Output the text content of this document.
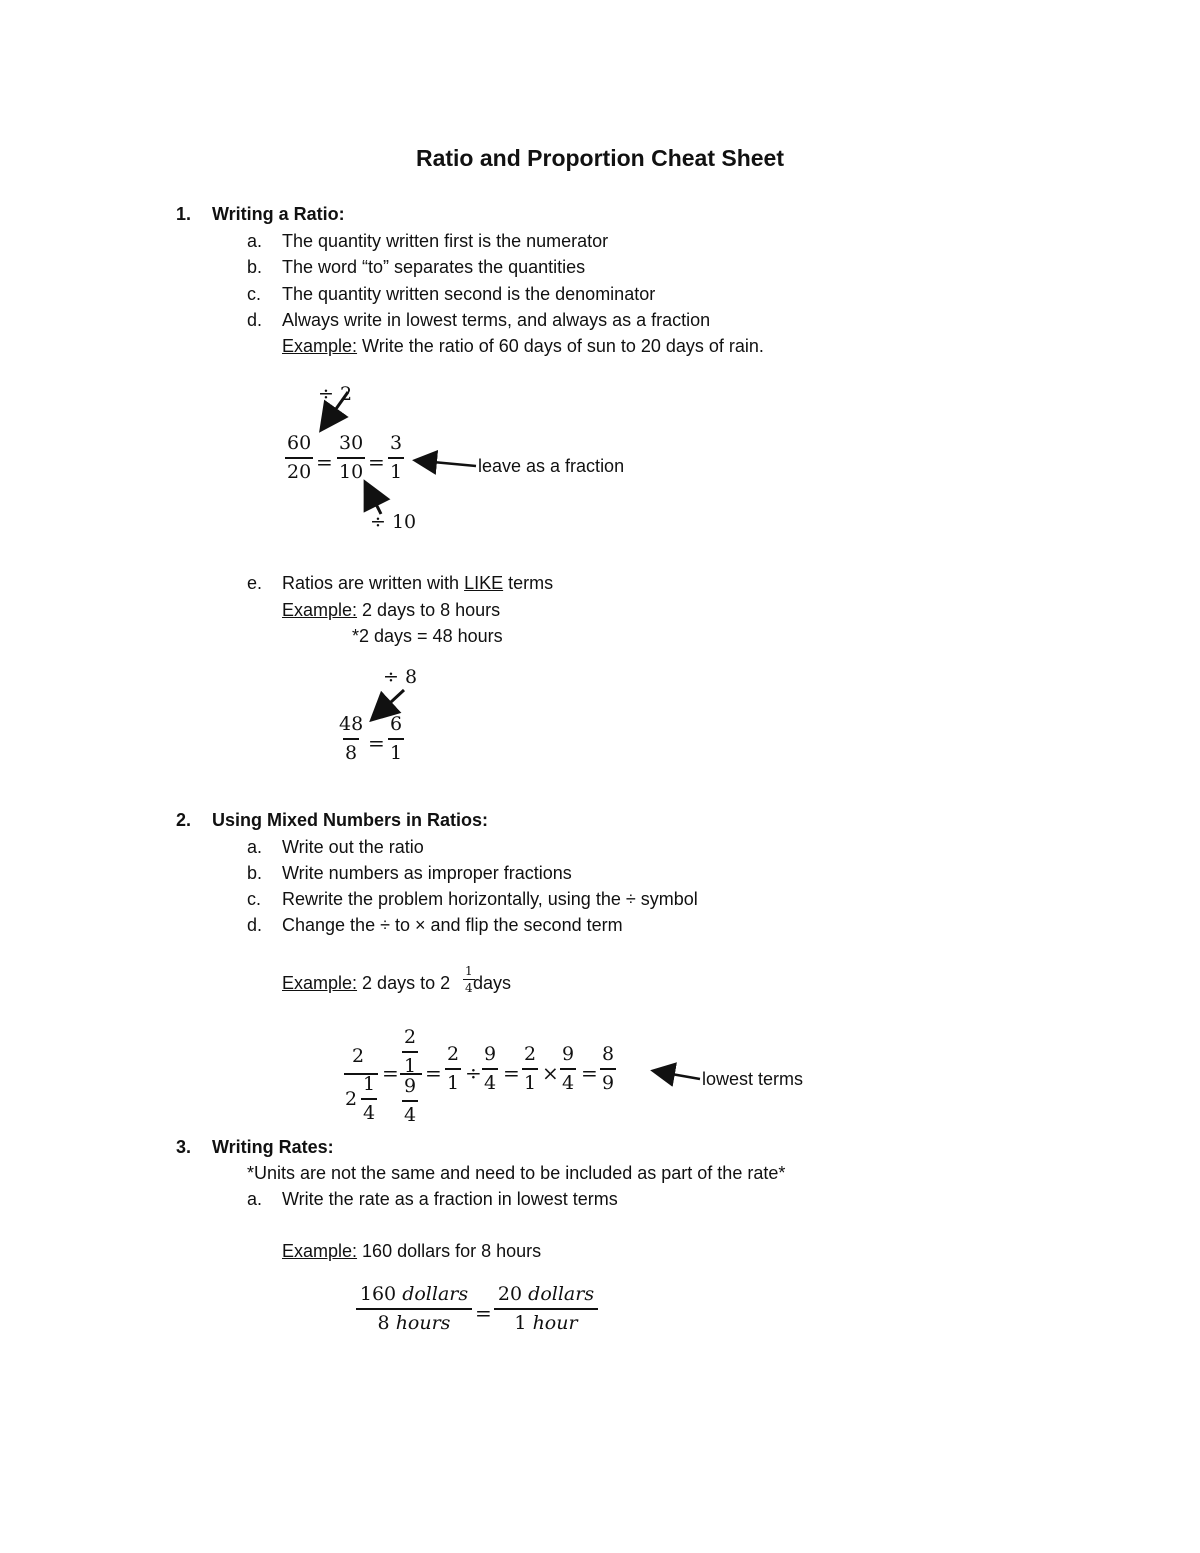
Ratio and Proportion Cheat Sheet
1. Writing a Ratio:
a. The quantity written first is the numerator
b. The word “to” separates the quantities
c. The quantity written second is the denominator
d. Always write in lowest terms, and always as a fraction
Example: Write the ratio of 60 days of sun to 20 days of rain.
÷ 2
$\frac{60}{20} = \frac{30}{10} = \frac{3}{1}$	leave as a fraction
÷ 10
e. Ratios are written with LIKE terms
Example: 2 days to 8 hours
*2 days = 48 hours
÷ 8
$\frac{48}{8} = \frac{6}{1}$
2. Using Mixed Numbers in Ratios:
a. Write out the ratio
b. Write numbers as improper fractions
c. Rewrite the problem horizontally, using the ÷ symbol
d. Change the ÷ to × and flip the second term
Example: 2 days to $2 \frac{1}{4}$
days
2
$2 \frac{1}{4}$
= $\frac{2}{1}$
$\frac{9}{4}$
= $\frac{2}{1} \div \frac{9}{4} = \frac{2}{1} \times \frac{9}{4} = \frac{8}{9}$	lowest terms
3. Writing Rates:
*Units are not the same and need to be included as part of the rate*
a. Write the rate as a fraction in lowest terms
Example: 160 dollars for 8 hours
160 dollars
8 hours	=
20 dollars
1 hour
